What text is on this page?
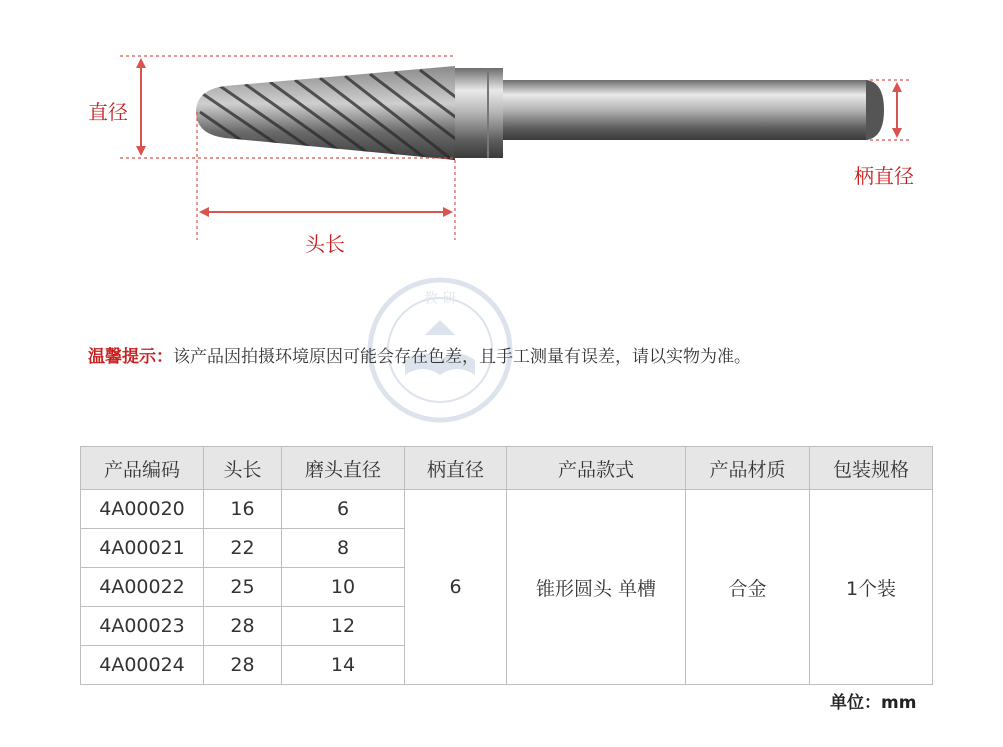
直径
柄直径
头长
教 研
温馨提示：该产品因拍摄环境原因可能会存在色差，且手工测量有误差，请以实物为准。
产品编码	头长	磨头直径	柄直径	产品款式	产品材质	包装规格
4A00020	16	6	6	锥形圆头 单槽	合金	1个装
4A00021	22	8				
4A00022	25	10				
4A00023	28	12				
4A00024	28	14				
单位：mm
